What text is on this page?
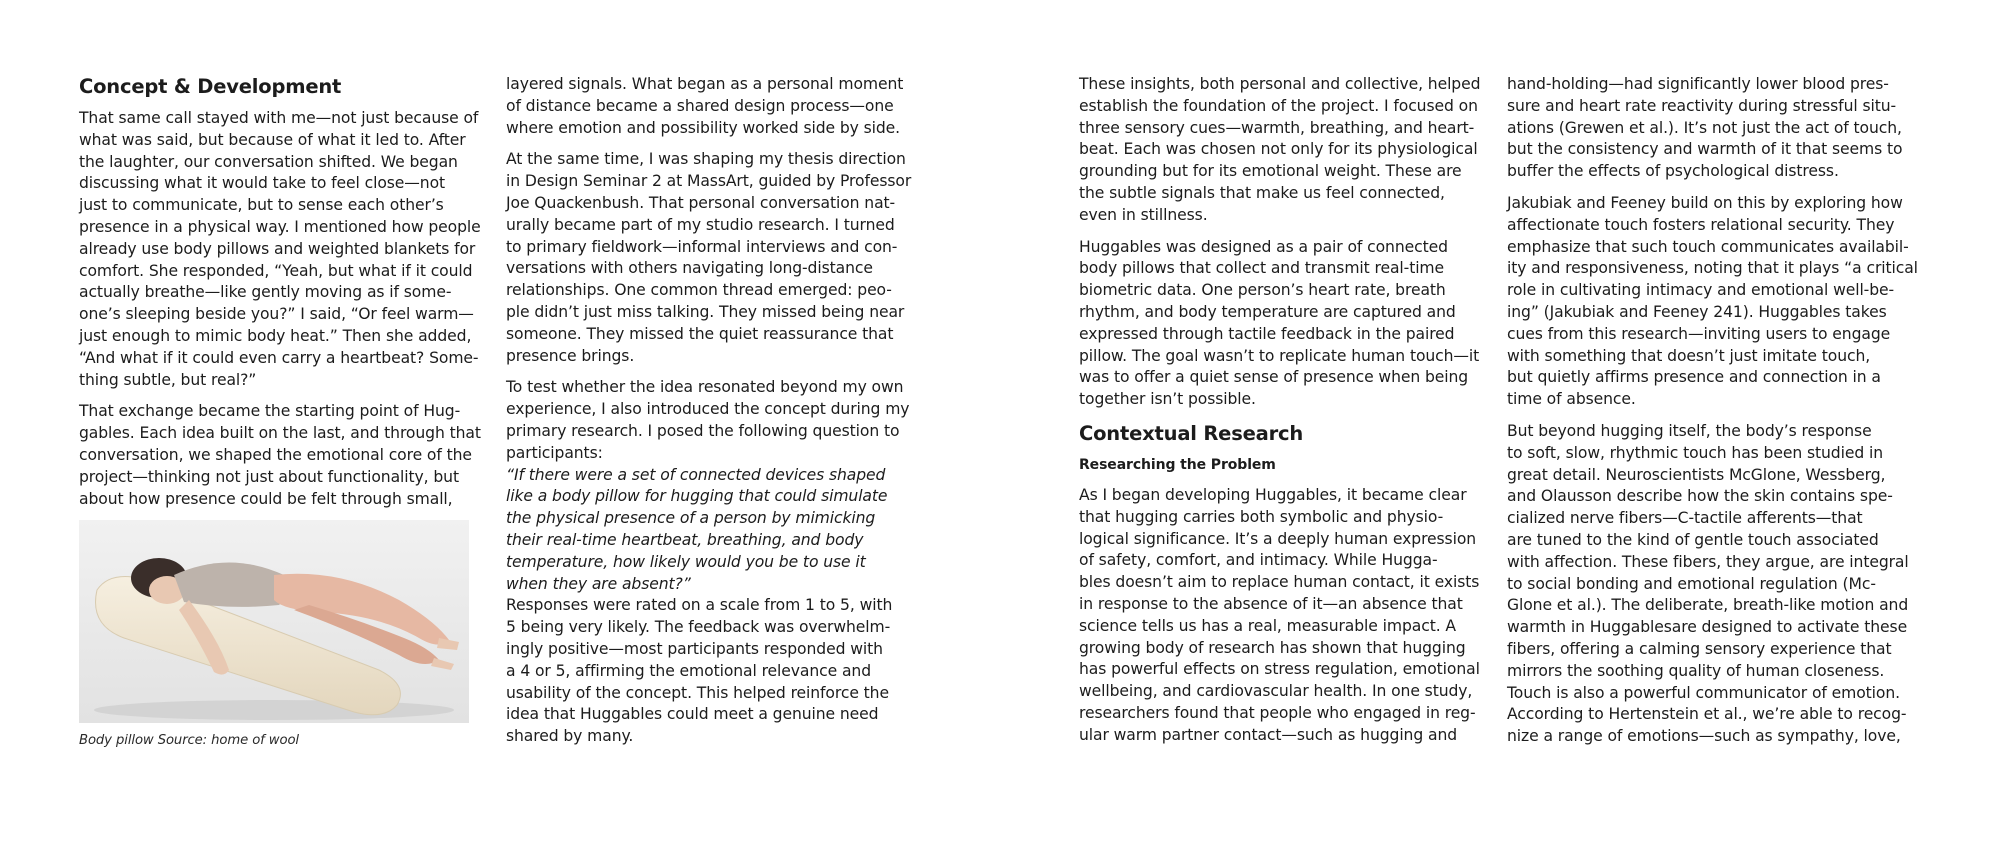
Concept & Development
That same call stayed with me—not just because of
what was said, but because of what it led to. After
the laughter, our conversation shifted. We began
discussing what it would take to feel close—not
just to communicate, but to sense each other’s
presence in a physical way. I mentioned how people
already use body pillows and weighted blankets for
comfort. She responded, “Yeah, but what if it could
actually breathe—like gently moving as if some-
one’s sleeping beside you?” I said, “Or feel warm—
just enough to mimic body heat.” Then she added,
“And what if it could even carry a heartbeat? Some-
thing subtle, but real?”
That exchange became the starting point of Hug-
gables. Each idea built on the last, and through that
conversation, we shaped the emotional core of the
project—thinking not just about functionality, but
about how presence could be felt through small,
Body pillow Source: home of wool
layered signals. What began as a personal moment
of distance became a shared design process—one
where emotion and possibility worked side by side.
At the same time, I was shaping my thesis direction
in Design Seminar 2 at MassArt, guided by Professor
Joe Quackenbush. That personal conversation nat-
urally became part of my studio research. I turned
to primary fieldwork—informal interviews and con-
versations with others navigating long-distance
relationships. One common thread emerged: peo-
ple didn’t just miss talking. They missed being near
someone. They missed the quiet reassurance that
presence brings.
To test whether the idea resonated beyond my own
experience, I also introduced the concept during my
primary research. I posed the following question to
participants:
“If there were a set of connected devices shaped
like a body pillow for hugging that could simulate
the physical presence of a person by mimicking
their real-time heartbeat, breathing, and body
temperature, how likely would you be to use it
when they are absent?”
Responses were rated on a scale from 1 to 5, with
5 being very likely. The feedback was overwhelm-
ingly positive—most participants responded with
a 4 or 5, affirming the emotional relevance and
usability of the concept. This helped reinforce the
idea that Huggables could meet a genuine need
shared by many.
These insights, both personal and collective, helped
establish the foundation of the project. I focused on
three sensory cues—warmth, breathing, and heart-
beat. Each was chosen not only for its physiological
grounding but for its emotional weight. These are
the subtle signals that make us feel connected,
even in stillness.
Huggables was designed as a pair of connected
body pillows that collect and transmit real-time
biometric data. One person’s heart rate, breath
rhythm, and body temperature are captured and
expressed through tactile feedback in the paired
pillow. The goal wasn’t to replicate human touch—it
was to offer a quiet sense of presence when being
together isn’t possible.
Contextual Research
Researching the Problem
As I began developing Huggables, it became clear
that hugging carries both symbolic and physio-
logical significance. It’s a deeply human expression
of safety, comfort, and intimacy. While Hugga-
bles doesn’t aim to replace human contact, it exists
in response to the absence of it—an absence that
science tells us has a real, measurable impact. A
growing body of research has shown that hugging
has powerful effects on stress regulation, emotional
wellbeing, and cardiovascular health. In one study,
researchers found that people who engaged in reg-
ular warm partner contact—such as hugging and
hand-holding—had significantly lower blood pres-
sure and heart rate reactivity during stressful situ-
ations (Grewen et al.). It’s not just the act of touch,
but the consistency and warmth of it that seems to
buffer the effects of psychological distress.
Jakubiak and Feeney build on this by exploring how
affectionate touch fosters relational security. They
emphasize that such touch communicates availabil-
ity and responsiveness, noting that it plays “a critical
role in cultivating intimacy and emotional well-be-
ing” (Jakubiak and Feeney 241). Huggables takes
cues from this research—inviting users to engage
with something that doesn’t just imitate touch,
but quietly affirms presence and connection in a
time of absence.
But beyond hugging itself, the body’s response
to soft, slow, rhythmic touch has been studied in
great detail. Neuroscientists McGlone, Wessberg,
and Olausson describe how the skin contains spe-
cialized nerve fibers—C-tactile afferents—that
are tuned to the kind of gentle touch associated
with affection. These fibers, they argue, are integral
to social bonding and emotional regulation (Mc-
Glone et al.). The deliberate, breath-like motion and
warmth in Huggablesare designed to activate these
fibers, offering a calming sensory experience that
mirrors the soothing quality of human closeness.
Touch is also a powerful communicator of emotion.
According to Hertenstein et al., we’re able to recog-
nize a range of emotions—such as sympathy, love,
